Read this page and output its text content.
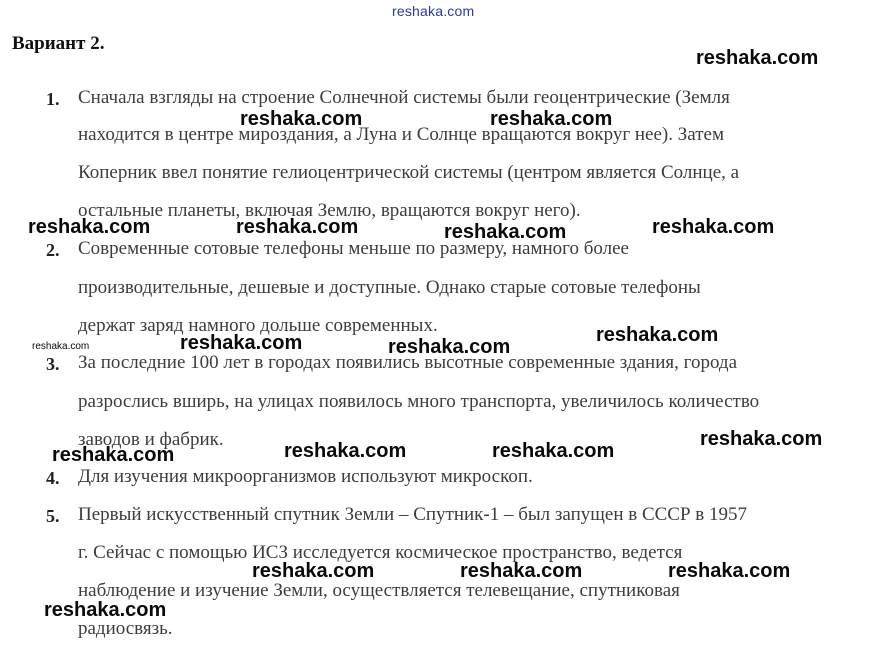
reshaka.com
Вариант 2.
1. Сначала взгляды на строение Солнечной системы были геоцентрические (Земля
находится в центре мироздания, а Луна и Солнце вращаются вокруг нее). Затем
Коперник ввел понятие гелиоцентрической системы (центром является Солнце, а
остальные планеты, включая Землю, вращаются вокруг него).
2. Современные сотовые телефоны меньше по размеру, намного более
производительные, дешевые и доступные. Однако старые сотовые телефоны
держат заряд намного дольше современных.
3. За последние 100 лет в городах появились высотные современные здания, города
разрослись вширь, на улицах появилось много транспорта, увеличилось количество
заводов и фабрик.
4. Для изучения микроорганизмов используют микроскоп.
5. Первый искусственный спутник Земли – Спутник-1 – был запущен в СССР в 1957
г. Сейчас с помощью ИСЗ исследуется космическое пространство, ведется
наблюдение и изучение Земли, осуществляется телевещание, спутниковая
радиосвязь.
reshaka.com
reshaka.com	reshaka.com
reshaka.com	reshaka.com	reshaka.com	reshaka.com
reshaka.com
reshaka.com	reshaka.com	reshaka.com
reshaka.com
reshaka.com	reshaka.com	reshaka.com
reshaka.com	reshaka.com	reshaka.com
reshaka.com
